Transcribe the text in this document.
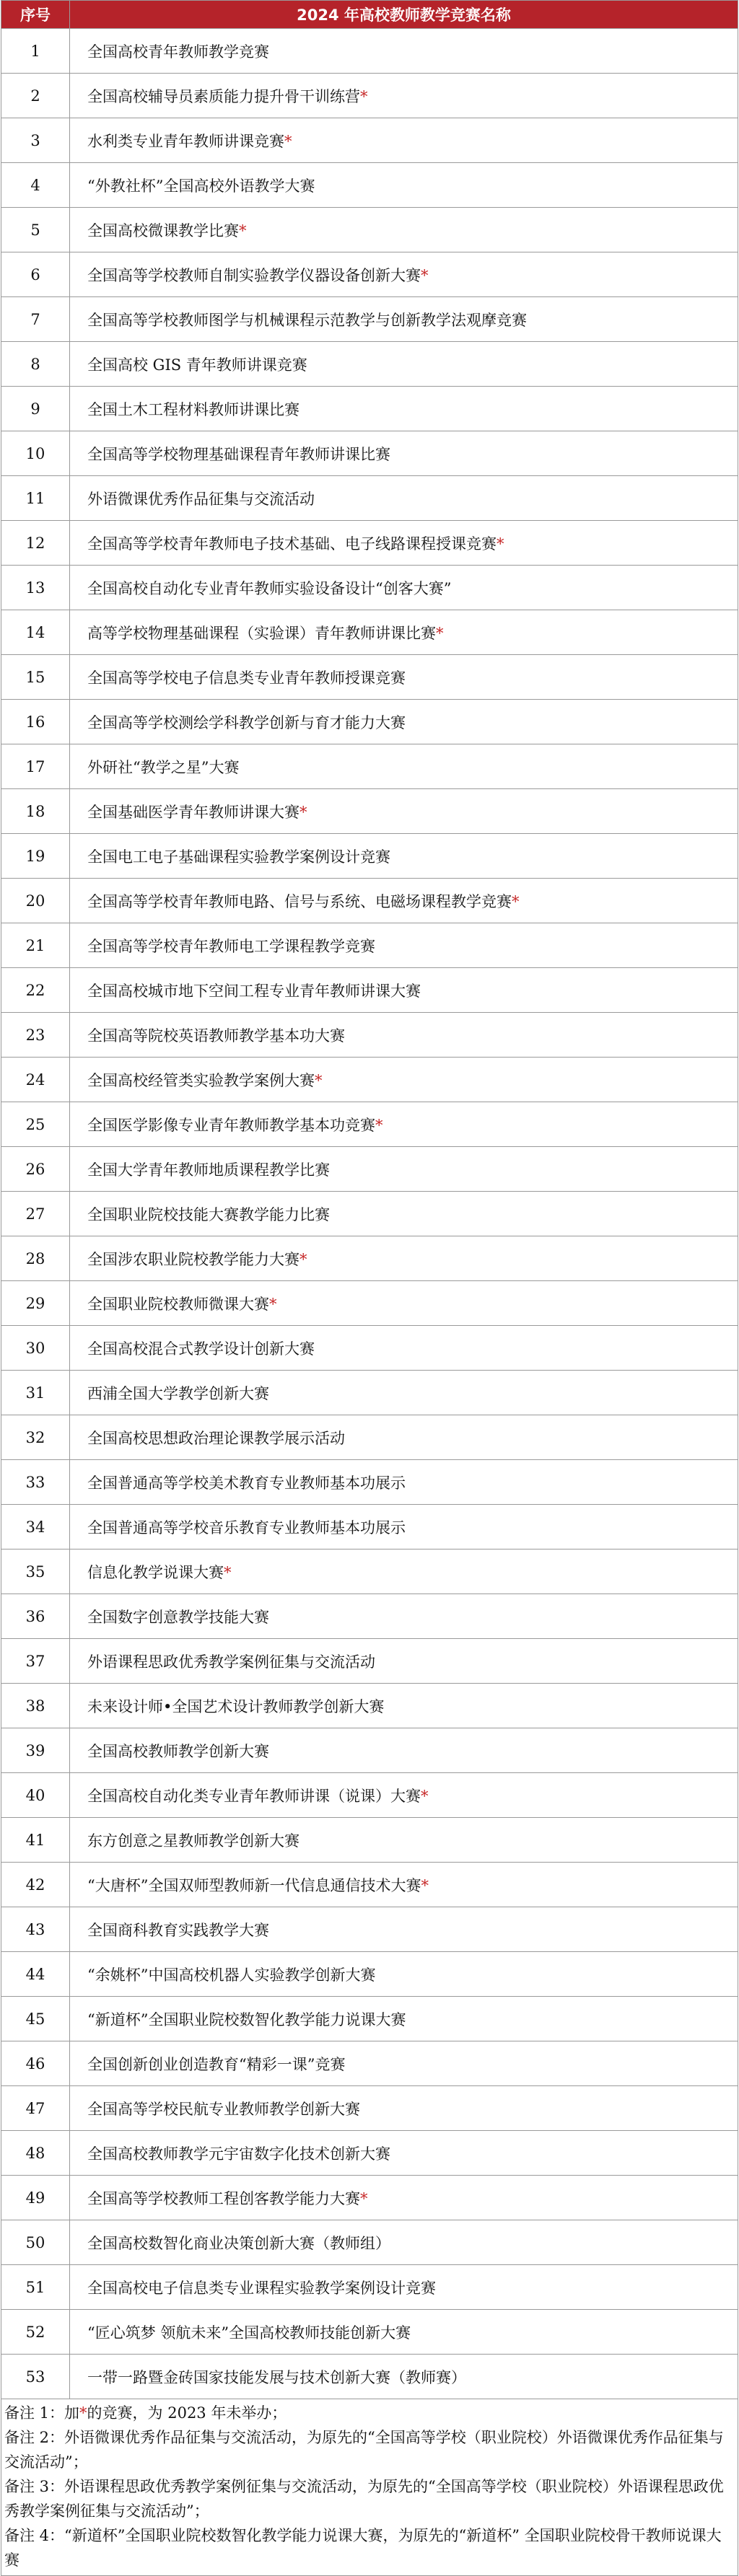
序号	2024 年高校教师教学竞赛名称
1	全国高校青年教师教学竞赛
2	全国高校辅导员素质能力提升骨干训练营*
3	水利类专业青年教师讲课竞赛*
4	“外教社杯”全国高校外语教学大赛
5	全国高校微课教学比赛*
6	全国高等学校教师自制实验教学仪器设备创新大赛*
7	全国高等学校教师图学与机械课程示范教学与创新教学法观摩竞赛
8	全国高校 GIS 青年教师讲课竞赛
9	全国土木工程材料教师讲课比赛
10	全国高等学校物理基础课程青年教师讲课比赛
11	外语微课优秀作品征集与交流活动
12	全国高等学校青年教师电子技术基础、电子线路课程授课竞赛*
13	全国高校自动化专业青年教师实验设备设计“创客大赛”
14	高等学校物理基础课程（实验课）青年教师讲课比赛*
15	全国高等学校电子信息类专业青年教师授课竞赛
16	全国高等学校测绘学科教学创新与育才能力大赛
17	外研社“教学之星”大赛
18	全国基础医学青年教师讲课大赛*
19	全国电工电子基础课程实验教学案例设计竞赛
20	全国高等学校青年教师电路、信号与系统、电磁场课程教学竞赛*
21	全国高等学校青年教师电工学课程教学竞赛
22	全国高校城市地下空间工程专业青年教师讲课大赛
23	全国高等院校英语教师教学基本功大赛
24	全国高校经管类实验教学案例大赛*
25	全国医学影像专业青年教师教学基本功竞赛*
26	全国大学青年教师地质课程教学比赛
27	全国职业院校技能大赛教学能力比赛
28	全国涉农职业院校教学能力大赛*
29	全国职业院校教师微课大赛*
30	全国高校混合式教学设计创新大赛
31	西浦全国大学教学创新大赛
32	全国高校思想政治理论课教学展示活动
33	全国普通高等学校美术教育专业教师基本功展示
34	全国普通高等学校音乐教育专业教师基本功展示
35	信息化教学说课大赛*
36	全国数字创意教学技能大赛
37	外语课程思政优秀教学案例征集与交流活动
38	未来设计师•全国艺术设计教师教学创新大赛
39	全国高校教师教学创新大赛
40	全国高校自动化类专业青年教师讲课（说课）大赛*
41	东方创意之星教师教学创新大赛
42	“大唐杯”全国双师型教师新一代信息通信技术大赛*
43	全国商科教育实践教学大赛
44	“余姚杯”中国高校机器人实验教学创新大赛
45	“新道杯”全国职业院校数智化教学能力说课大赛
46	全国创新创业创造教育“精彩一课”竞赛
47	全国高等学校民航专业教师教学创新大赛
48	全国高校教师教学元宇宙数字化技术创新大赛
49	全国高等学校教师工程创客教学能力大赛*
50	全国高校数智化商业决策创新大赛（教师组）
51	全国高校电子信息类专业课程实验教学案例设计竞赛
52	“匠心筑梦 领航未来”全国高校教师技能创新大赛
53	一带一路暨金砖国家技能发展与技术创新大赛（教师赛）

备注 1：加*的竞赛，为 2023 年未举办；

备注 2：外语微课优秀作品征集与交流活动，为原先的“全国高等学校（职业院校）外语微课优秀作品征集与交流活动”；

备注 3：外语课程思政优秀教学案例征集与交流活动，为原先的“全国高等学校（职业院校）外语课程思政优秀教学案例征集与交流活动”；

备注 4：“新道杯”全国职业院校数智化教学能力说课大赛，为原先的“新道杯” 全国职业院校骨干教师说课大赛
